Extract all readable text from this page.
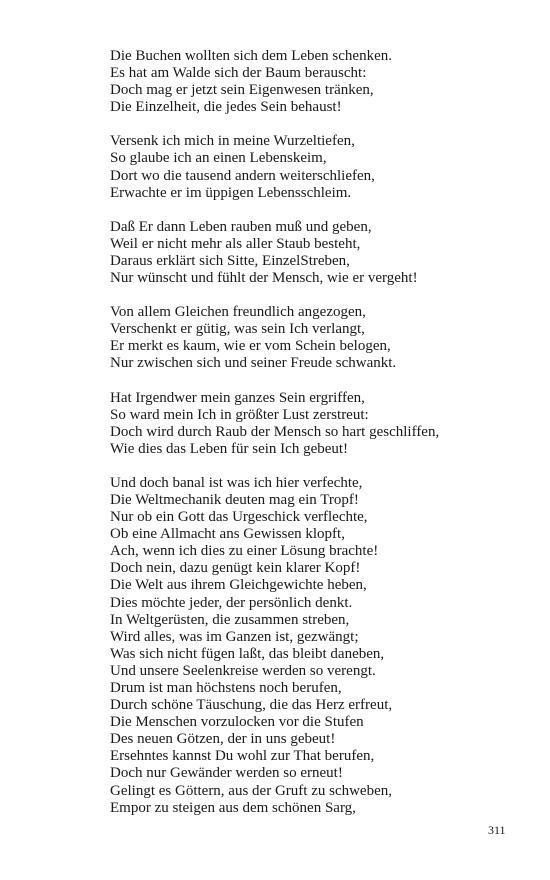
Die Buchen wollten sich dem Leben schenken.
Es hat am Walde sich der Baum berauscht:
Doch mag er jetzt sein Eigenwesen tränken,
Die Einzelheit, die jedes Sein behaust!
Versenk ich mich in meine Wurzeltiefen,
So glaube ich an einen Lebenskeim,
Dort wo die tausend andern weiterschliefen,
Erwachte er im üppigen Lebensschleim.
Daß Er dann Leben rauben muß und geben,
Weil er nicht mehr als aller Staub besteht,
Daraus erklärt sich Sitte, EinzelStreben,
Nur wünscht und fühlt der Mensch, wie er vergeht!
Von allem Gleichen freundlich angezogen,
Verschenkt er gütig, was sein Ich verlangt,
Er merkt es kaum, wie er vom Schein belogen,
Nur zwischen sich und seiner Freude schwankt.
Hat Irgendwer mein ganzes Sein ergriffen,
So ward mein Ich in größter Lust zerstreut:
Doch wird durch Raub der Mensch so hart geschliffen,
Wie dies das Leben für sein Ich gebeut!
Und doch banal ist was ich hier verfechte,
Die Weltmechanik deuten mag ein Tropf!
Nur ob ein Gott das Urgeschick verflechte,
Ob eine Allmacht ans Gewissen klopft,
Ach, wenn ich dies zu einer Lösung brachte!
Doch nein, dazu genügt kein klarer Kopf!
Die Welt aus ihrem Gleichgewichte heben,
Dies möchte jeder, der persönlich denkt.
In Weltgerüsten, die zusammen streben,
Wird alles, was im Ganzen ist, gezwängt;
Was sich nicht fügen laßt, das bleibt daneben,
Und unsere Seelenkreise werden so verengt.
Drum ist man höchstens noch berufen,
Durch schöne Täuschung, die das Herz erfreut,
Die Menschen vorzulocken vor die Stufen
Des neuen Götzen, der in uns gebeut!
Ersehntes kannst Du wohl zur That berufen,
Doch nur Gewänder werden so erneut!
Gelingt es Göttern, aus der Gruft zu schweben,
Empor zu steigen aus dem schönen Sarg,
311
